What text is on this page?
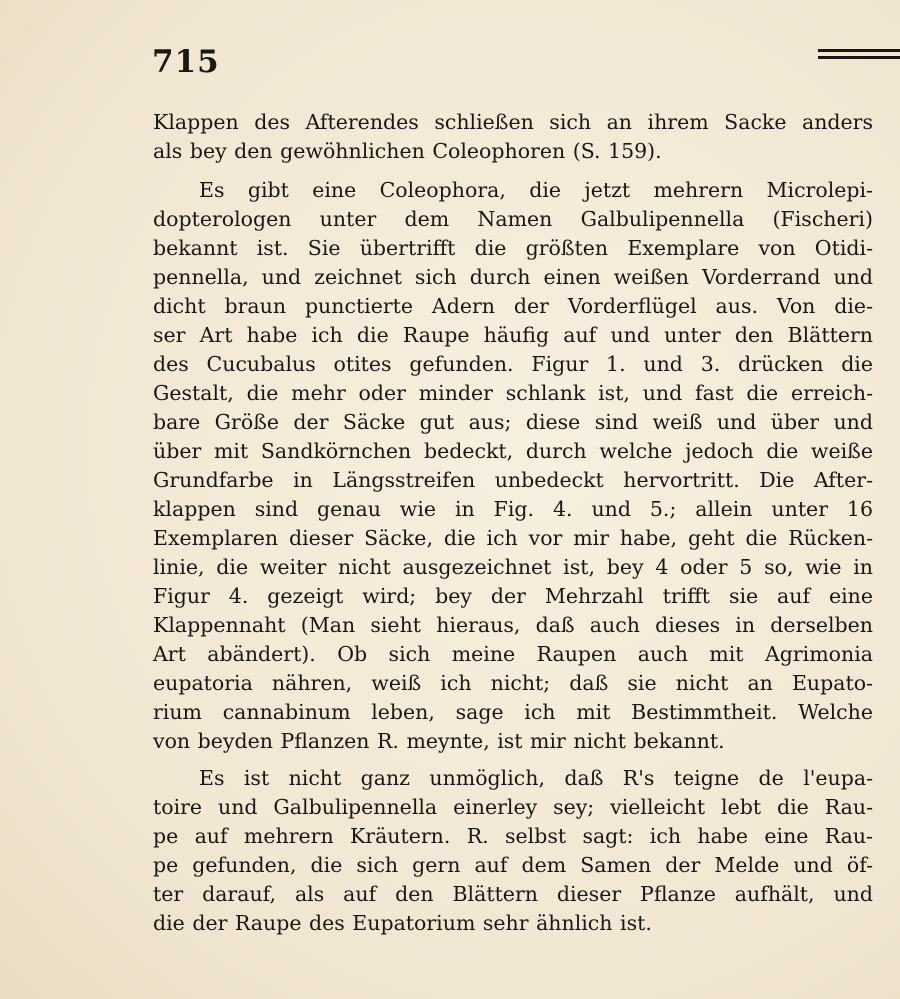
715
Klappen des Afterendes schließen sich an ihrem Sacke anders
als bey den gewöhnlichen Coleophoren (S. 159).
Es gibt eine Coleophora, die jetzt mehrern Microlepi-
dopterologen unter dem Namen Galbulipennella (Fischeri)
bekannt ist. Sie übertrifft die größten Exemplare von Otidi-
pennella, und zeichnet sich durch einen weißen Vorderrand und
dicht braun punctierte Adern der Vorderflügel aus. Von die-
ser Art habe ich die Raupe häufig auf und unter den Blättern
des Cucubalus otites gefunden. Figur 1. und 3. drücken die
Gestalt, die mehr oder minder schlank ist, und fast die erreich-
bare Größe der Säcke gut aus; diese sind weiß und über und
über mit Sandkörnchen bedeckt, durch welche jedoch die weiße
Grundfarbe in Längsstreifen unbedeckt hervortritt. Die After-
klappen sind genau wie in Fig. 4. und 5.; allein unter 16
Exemplaren dieser Säcke, die ich vor mir habe, geht die Rücken-
linie, die weiter nicht ausgezeichnet ist, bey 4 oder 5 so, wie in
Figur 4. gezeigt wird; bey der Mehrzahl trifft sie auf eine
Klappennaht (Man sieht hieraus, daß auch dieses in derselben
Art abändert). Ob sich meine Raupen auch mit Agrimonia
eupatoria nähren, weiß ich nicht; daß sie nicht an Eupato-
rium cannabinum leben, sage ich mit Bestimmtheit. Welche
von beyden Pflanzen R. meynte, ist mir nicht bekannt.
Es ist nicht ganz unmöglich, daß R's teigne de l'eupa-
toire und Galbulipennella einerley sey; vielleicht lebt die Rau-
pe auf mehrern Kräutern. R. selbst sagt: ich habe eine Rau-
pe gefunden, die sich gern auf dem Samen der Melde und öf-
ter darauf, als auf den Blättern dieser Pflanze aufhält, und
die der Raupe des Eupatorium sehr ähnlich ist.
